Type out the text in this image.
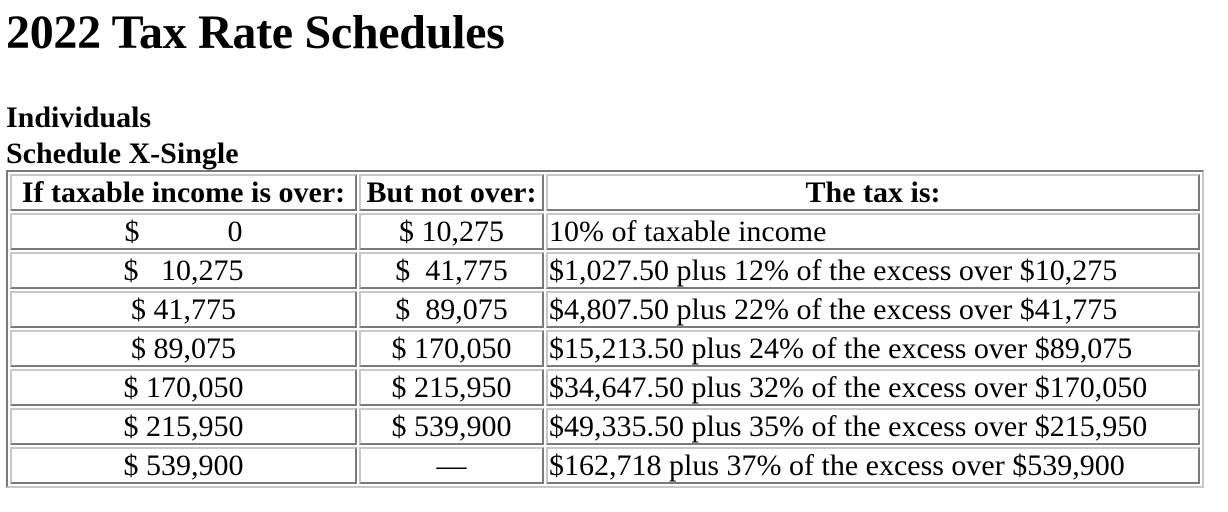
2022 Tax Rate Schedules
Individuals
Schedule X-Single
If taxable income is over:	But not over:	The tax is:

$ 0	$ 10,275	10% of taxable income
$   10,275	$  41,775	$1,027.50 plus 12% of the excess over $10,275
$ 41,775	$  89,075	$4,807.50 plus 22% of the excess over $41,775
$ 89,075	$ 170,050	$15,213.50 plus 24% of the excess over $89,075
$ 170,050	$ 215,950	$34,647.50 plus 32% of the excess over $170,050
$ 215,950	$ 539,900	$49,335.50 plus 35% of the excess over $215,950
$ 539,900	—	$162,718 plus 37% of the excess over $539,900
